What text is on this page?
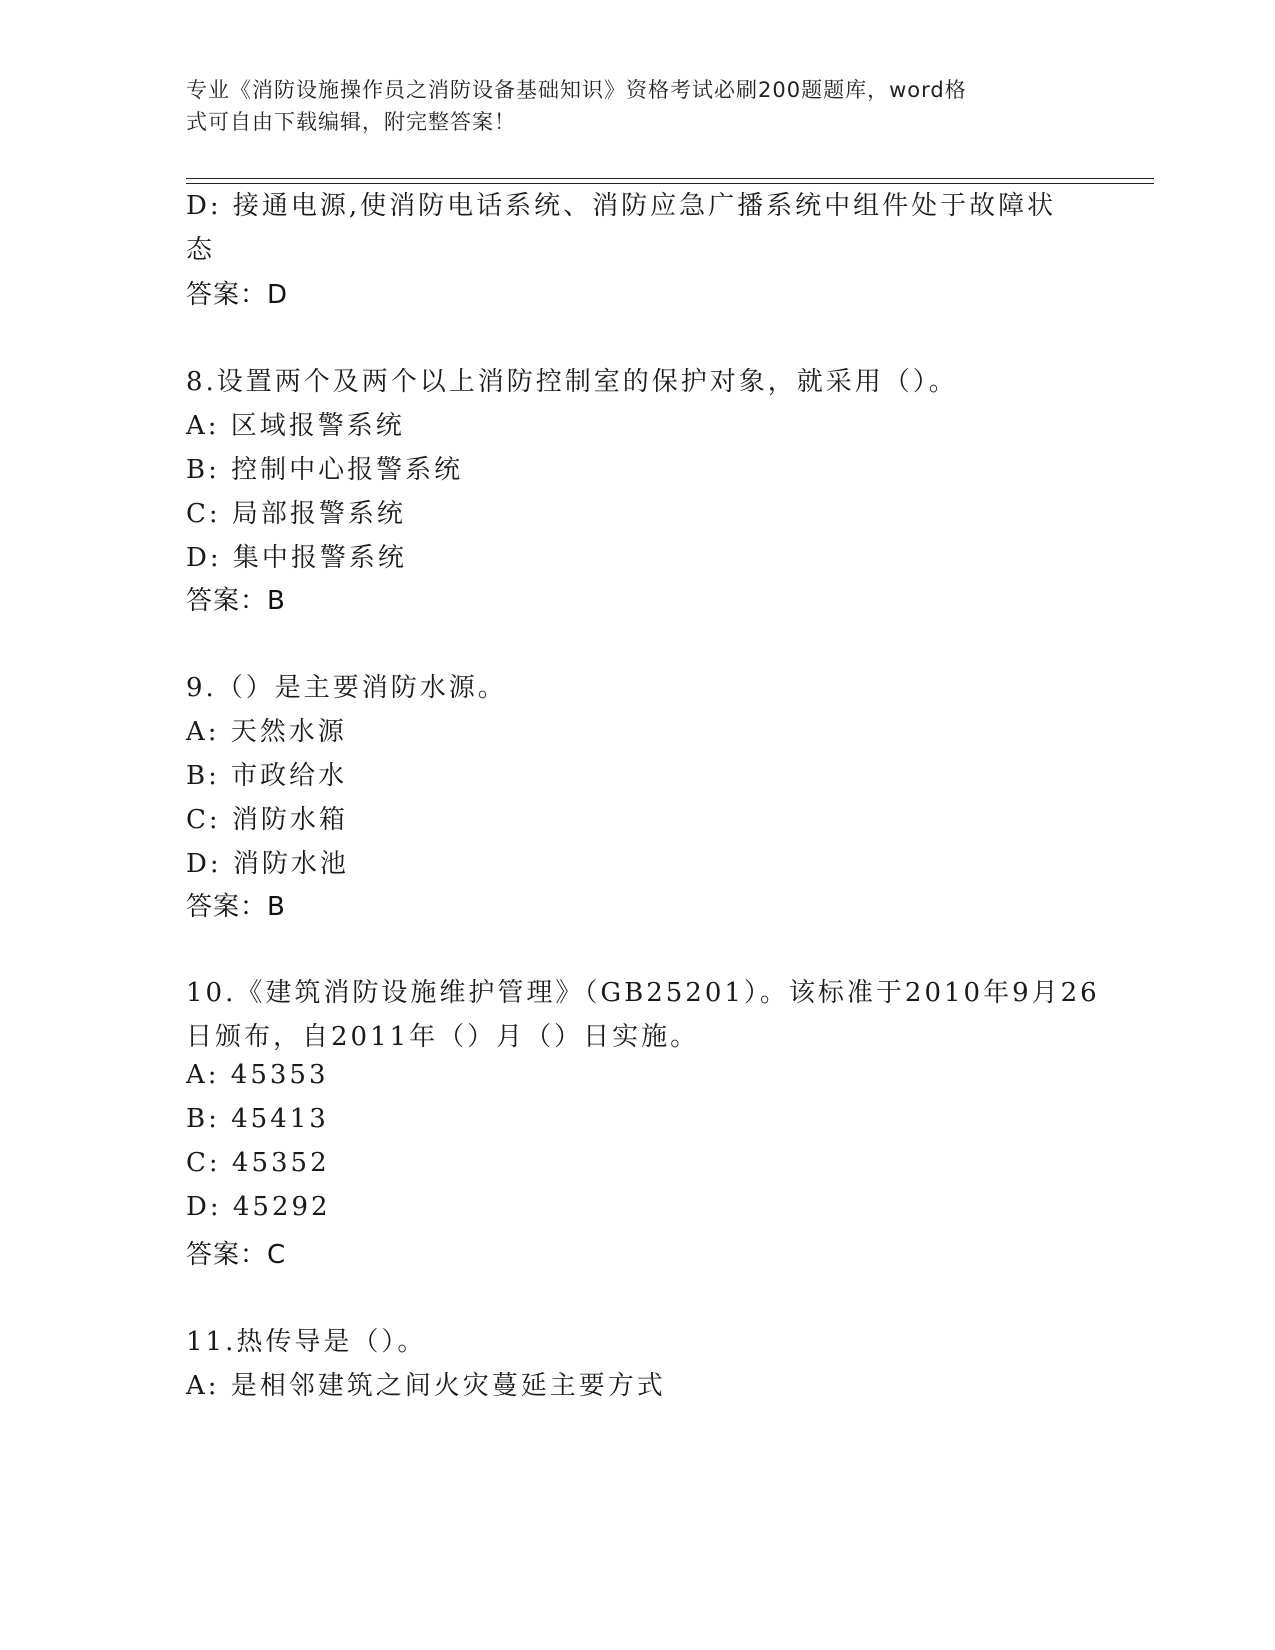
专业《消防设施操作员之消防设备基础知识》资格考试必刷200题题库，word格
式可自由下载编辑，附完整答案！
D: 接通电源,使消防电话系统、消防应急广播系统中组件处于故障状
态
答案：D
8.设置两个及两个以上消防控制室的保护对象，就采用（）。
A: 区域报警系统
B: 控制中心报警系统
C: 局部报警系统
D: 集中报警系统
答案：B
9.（）是主要消防水源。
A: 天然水源
B: 市政给水
C: 消防水箱
D: 消防水池
答案：B
10.《建筑消防设施维护管理》（GB25201）。该标准于2010年9月26
日颁布，自2011年（）月（）日实施。
A: 45353
B: 45413
C: 45352
D: 45292
答案：C
11.热传导是（）。
A: 是相邻建筑之间火灾蔓延主要方式
